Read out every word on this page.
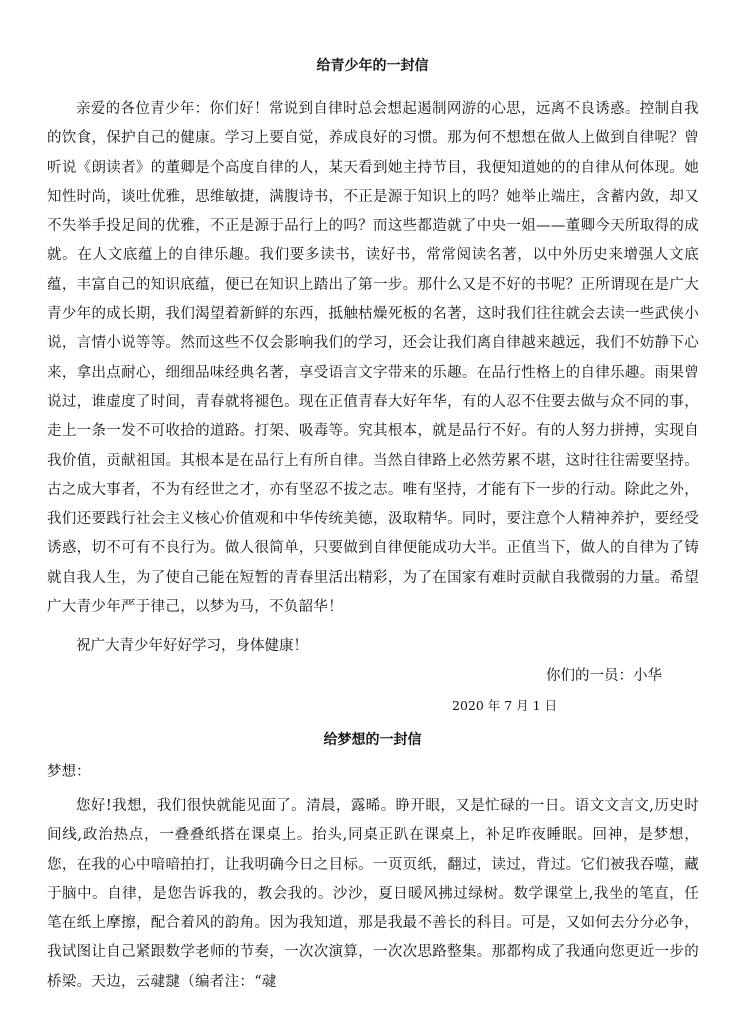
给青少年的一封信

亲爱的各位青少年：你们好！常说到自律时总会想起遏制网游的心思，远离不良诱惑。控制自我的饮食，保护自己的健康。学习上要自觉，养成良好的习惯。那为何不想想在做人上做到自律呢？曾听说《朗读者》的董卿是个高度自律的人，某天看到她主持节目，我便知道她的的自律从何体现。她知性时尚，谈吐优雅，思维敏捷，满腹诗书，不正是源于知识上的吗？她举止端庄，含蓄内敛，却又不失举手投足间的优雅，不正是源于品行上的吗？而这些都造就了中央一姐——董卿今天所取得的成就。在人文底蕴上的自律乐趣。我们要多读书，读好书，常常阅读名著，以中外历史来增强人文底蕴，丰富自己的知识底蕴，便已在知识上踏出了第一步。那什么又是不好的书呢？正所谓现在是广大青少年的成长期，我们渴望着新鲜的东西，抵触枯燥死板的名著，这时我们往往就会去读一些武侠小说，言情小说等等。然而这些不仅会影响我们的学习，还会让我们离自律越来越远，我们不妨静下心来，拿出点耐心，细细品味经典名著，享受语言文字带来的乐趣。在品行性格上的自律乐趣。雨果曾说过，谁虚度了时间，青春就将褪色。现在正值青春大好年华，有的人忍不住要去做与众不同的事，走上一条一发不可收拾的道路。打架、吸毒等。究其根本，就是品行不好。有的人努力拼搏，实现自我价值，贡献祖国。其根本是在品行上有所自律。当然自律路上必然劳累不堪，这时往往需要坚持。古之成大事者，不为有经世之才，亦有坚忍不拔之志。唯有坚持，才能有下一步的行动。除此之外，我们还要践行社会主义核心价值观和中华传统美德，汲取精华。同时，要注意个人精神养护，要经受诱惑，切不可有不良行为。做人很简单，只要做到自律便能成功大半。正值当下，做人的自律为了铸就自我人生，为了使自己能在短暂的青春里活出精彩，为了在国家有难时贡献自我微弱的力量。希望广大青少年严于律己，以梦为马，不负韶华！

祝广大青少年好好学习，身体健康！

你们的一员：小华

2020 年 7 月 1 日

给梦想的一封信

梦想：

您好!我想，我们很快就能见面了。清晨，露晞。睁开眼，又是忙碌的一日。语文文言文,历史时间线,政治热点，一叠叠纸搭在课桌上。抬头,同桌正趴在课桌上，补足昨夜睡眠。回神，是梦想，您，在我的心中喑喑拍打，让我明确今日之目标。一页页纸，翻过，读过，背过。它们被我吞噬，藏于脑中。自律，是您告诉我的，教会我的。沙沙，夏日暖风拂过绿树。数学课堂上,我坐的笔直，任笔在纸上摩擦，配合着风的韵角。因为我知道，那是我最不善长的科目。可是，又如何去分分必争，我试图让自己紧跟数学老师的节奏，一次次演算，一次次思路整集。那都构成了我通向您更近一步的桥梁。天边，云叇靆（编者注：“叇
